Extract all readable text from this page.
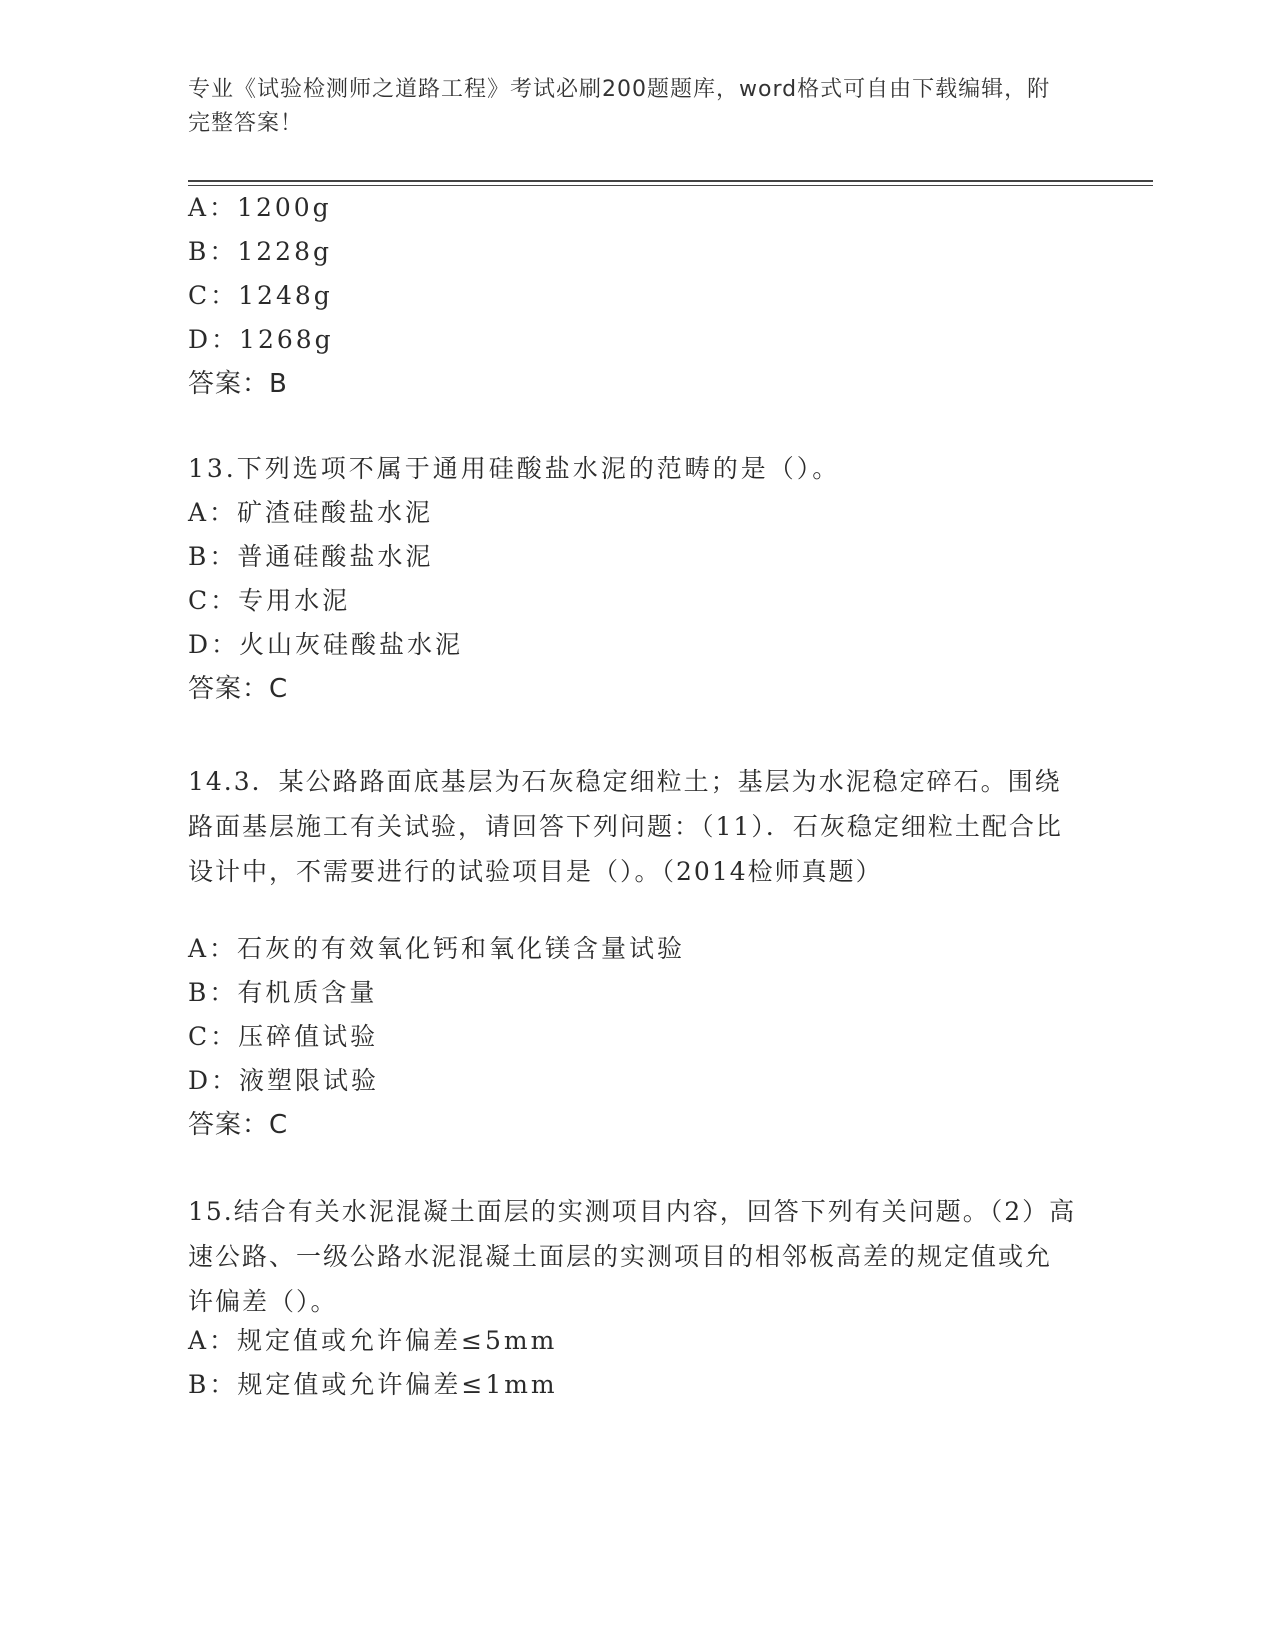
专业《试验检测师之道路工程》考试必刷200题题库，word格式可自由下载编辑，附完整答案！
A：1200g
B：1228g
C：1248g
D：1268g
答案：B
13.下列选项不属于通用硅酸盐水泥的范畴的是（）。
A：矿渣硅酸盐水泥
B：普通硅酸盐水泥
C：专用水泥
D：火山灰硅酸盐水泥
答案：C
14.3．某公路路面底基层为石灰稳定细粒土；基层为水泥稳定碎石。围绕路面基层施工有关试验，请回答下列问题：（11）．石灰稳定细粒土配合比设计中，不需要进行的试验项目是（）。（2014检师真题）
A：石灰的有效氧化钙和氧化镁含量试验
B：有机质含量
C：压碎值试验
D：液塑限试验
答案：C
15.结合有关水泥混凝土面层的实测项目内容，回答下列有关问题。（2）高速公路、一级公路水泥混凝土面层的实测项目的相邻板高差的规定值或允许偏差（）。
A：规定值或允许偏差≤5mm
B：规定值或允许偏差≤1mm
